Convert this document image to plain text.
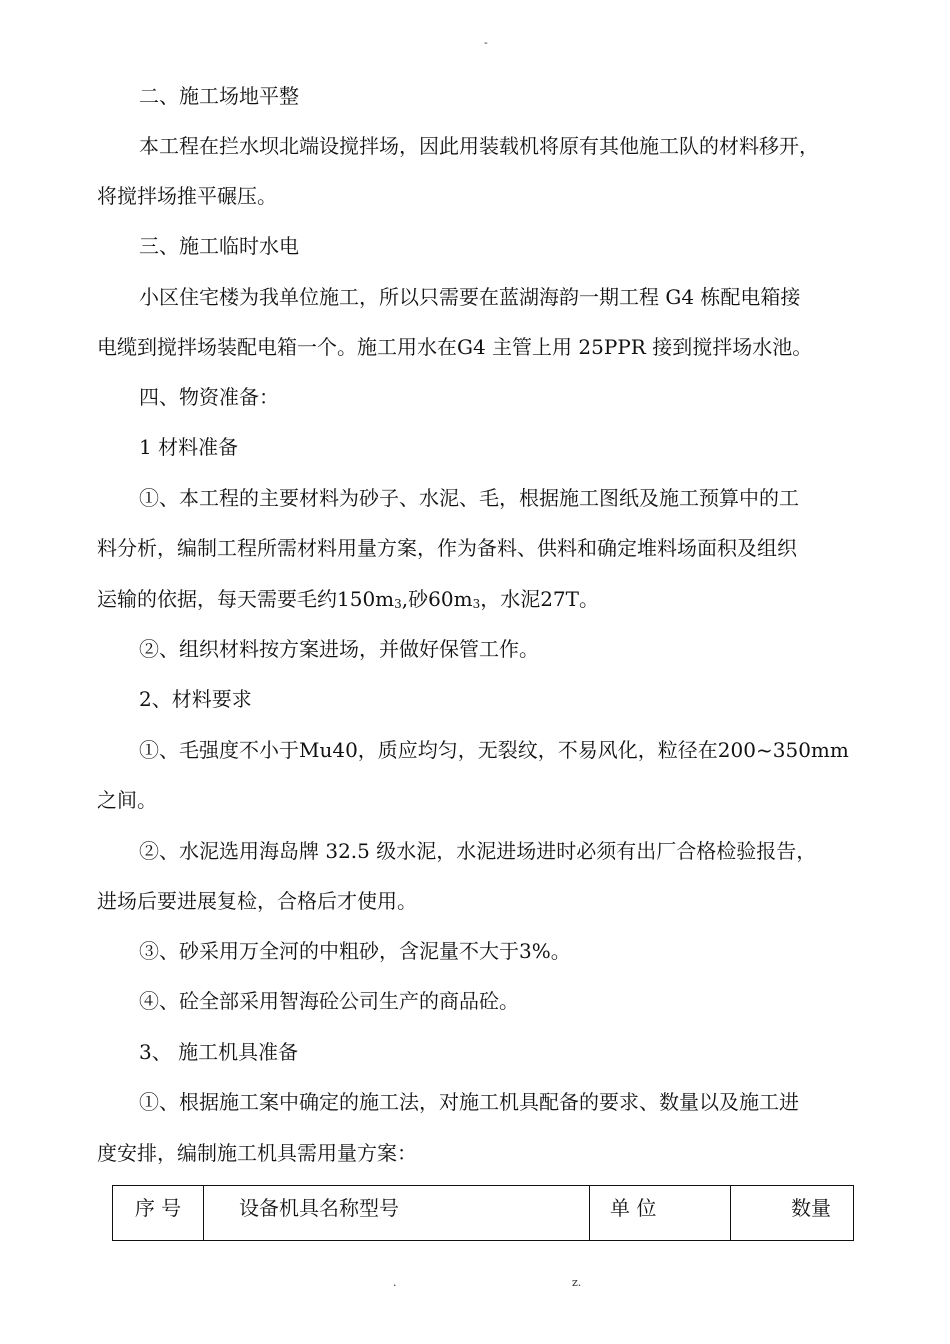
-
二、施工场地平整
本工程在拦水坝北端设搅拌场，因此用装载机将原有其他施工队的材料移开，
将搅拌场推平碾压。
三、施工临时水电
小区住宅楼为我单位施工，所以只需要在蓝湖海韵一期工程 G4 栋配电箱接
电缆到搅拌场装配电箱一个。施工用水在G4 主管上用 25PPR 接到搅拌场水池。
四、物资准备：
1 材料准备
①、本工程的主要材料为砂子、水泥、毛，根据施工图纸及施工预算中的工
料分析，编制工程所需材料用量方案，作为备料、供料和确定堆料场面积及组织
运输的依据，每天需要毛约150m3,砂60m3，水泥27T。
②、组织材料按方案进场，并做好保管工作。
2、材料要求
①、毛强度不小于Mu40，质应均匀，无裂纹，不易风化，粒径在200~350mm
之间。
②、水泥选用海岛牌 32.5 级水泥，水泥进场进时必须有出厂合格检验报告，
进场后要进展复检，合格后才使用。
③、砂采用万全河的中粗砂，含泥量不大于3%。
④、砼全部采用智海砼公司生产的商品砼。
3、 施工机具准备
①、根据施工案中确定的施工法，对施工机具配备的要求、数量以及施工进
度安排，编制施工机具需用量方案：
序 号	设备机具名称型号	单 位	数量
.	z.
